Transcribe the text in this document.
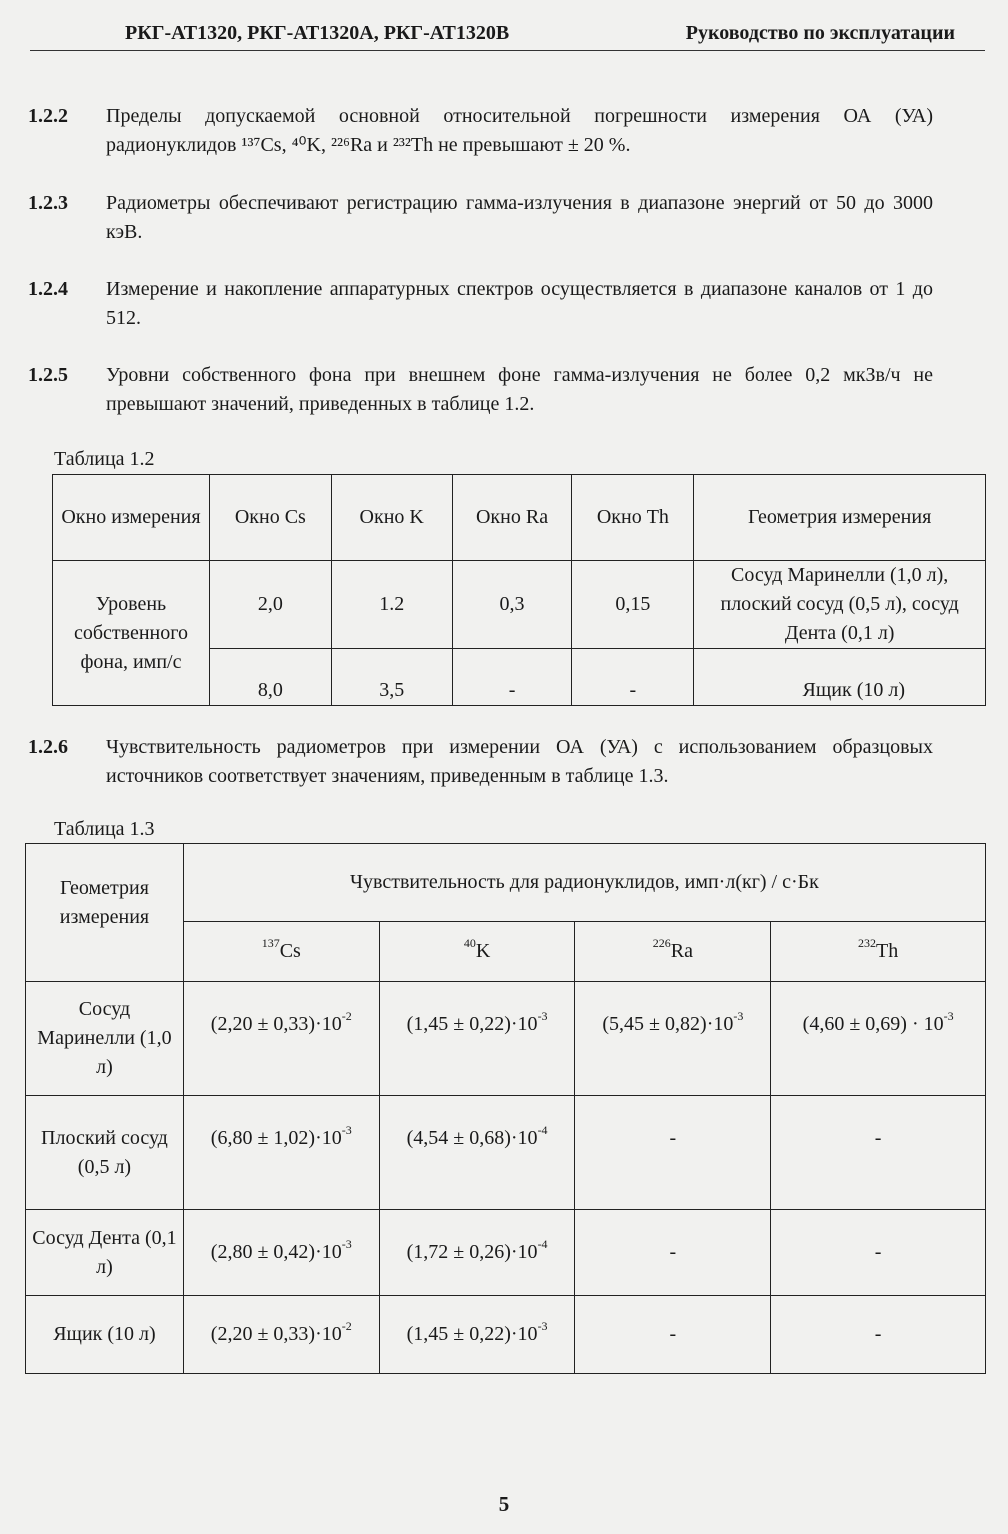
РКГ-АТ1320, РКГ-АТ1320А, РКГ-АТ1320В	Руководство по эксплуатации
1.2.2	Пределы допускаемой основной относительной погрешности измерения ОА (УА) радионуклидов ¹³⁷Cs, ⁴⁰K, ²²⁶Ra и ²³²Th не превышают ± 20 %.
1.2.3	Радиометры обеспечивают регистрацию гамма-излучения в диапазоне энергий от 50 до 3000 кэВ.
1.2.4	Измерение и накопление аппаратурных спектров осуществляется в диапазоне каналов от 1 до 512.
1.2.5	Уровни собственного фона при внешнем фоне гамма-излучения не более 0,2 мкЗв/ч не превышают значений, приведенных в таблице 1.2.
Таблица 1.2
Окно измерения	Окно Cs	Окно K	Окно Ra	Окно Th	Геометрия измерения
Уровень собственного фона, имп/с	2,0	1.2	0,3	0,15	Сосуд Маринелли (1,0 л), плоский сосуд (0,5 л), сосуд Дента (0,1 л)
	8,0	3,5	-	-	Ящик (10 л)
1.2.6	Чувствительность радиометров при измерении ОА (УА) с использованием образцовых источников соответствует значениям, приведенным в таблице 1.3.
Таблица 1.3
Геометрия измерения	Чувствительность для радионуклидов, имп·л(кг) / с·Бк			
	$^{137}$Cs	$^{40}$K	$^{226}$Ra	$^{232}$Th
Сосуд Маринелли (1,0 л)	$(2,20 \pm 0,33)\cdot 10^{-2}$	$(1,45 \pm 0,22)\cdot 10^{-3}$	$(5,45 \pm 0,82)\cdot 10^{-3}$	$(4,60 \pm 0,69) \cdot 10^{-3}$
Плоский сосуд (0,5 л)	$(6,80 \pm 1,02)\cdot 10^{-3}$	$(4,54 \pm 0,68)\cdot 10^{-4}$	-	-
Сосуд Дента (0,1 л)	$(2,80 \pm 0,42)\cdot 10^{-3}$	$(1,72 \pm 0,26)\cdot 10^{-4}$	-	-
Ящик (10 л)	$(2,20 \pm 0,33)\cdot 10^{-2}$	$(1,45 \pm 0,22)\cdot 10^{-3}$	-	-
5
